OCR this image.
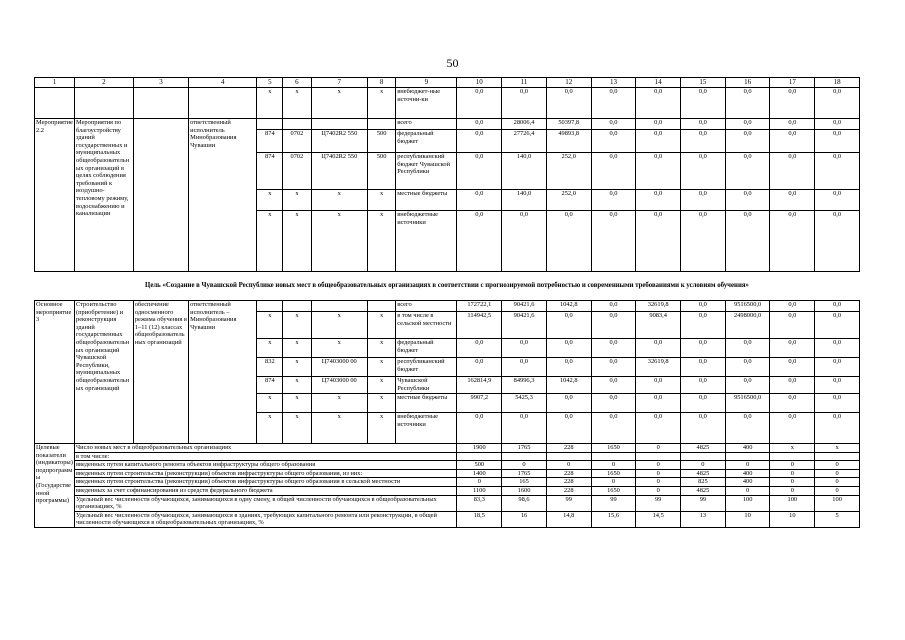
50
1	2	3	4	5	6	7	8	9	10	11	12	13	14	15	16	17	18
				x	x	x	x	внебюджет-ные источни-ки	0,0	0,0	0,0	0,0	0,0	0,0	0,0	0,0	0,0
Мероприятие 2.2	Мероприятия по благоустройству зданий государственных и муниципальных общеобразовательных организаций в целях соблюдения требований к воздушно-тепловому режиму, водоснабжению и канализации		ответственный исполнитель Минобразования Чувашии					всего	0,0	28006,4	50397,8	0,0	0,0	0,0	0,0	0,0	0,0
				874	0702	Ц7402R2 550	500	федеральный бюджет	0,0	27726,4	49893,8	0,0	0,0	0,0	0,0	0,0	0,0
				874	0702	Ц7402R2 550	500	республиканский бюджет Чувашской Республики	0,0	140,0	252,0	0,0	0,0	0,0	0,0	0,0	0,0
				x	x	x	x	местные бюджеты	0,0	140,0	252,0	0,0	0,0	0,0	0,0	0,0	0,0
				x	x	x	x	внебюджетные источники	0,0	0,0	0,0	0,0	0,0	0,0	0,0	0,0	0,0
Цель «Создание в Чувашской Республике новых мест в общеобразовательных организациях в соответствии с прогнозируемой потребностью и современными требованиями к условиям обучения»																	
Основное мероприятие 3	Строительство (приобретение) и реконструкция зданий государственных общеобразовательных организаций Чувашской Республики, муниципальных общеобразовательных организаций	обеспечение односменного режима обучения в 1–11 (12) классах общеобразовательных организаций	ответственный исполнитель – Минобразования Чувашии					всего	172722,1	90421,6	1042,8	0,0	32619,8	0,0	9516500,0	0,0	0,0
				x	x	x	x	в том числе в сельской местности	114942,5	90421,6	0,0	0,0	9083,4	0,0	2498000,0	0,0	0,0
				x	x	x	x	федеральный бюджет	0,0	0,0	0,0	0,0	0,0	0,0	0,0	0,0	0,0
				832	x	Ц7403000 00	x	республиканский бюджет	0,0	0,0	0,0	0,0	32619,8	0,0	0,0	0,0	0,0
				874	x	Ц7403000 00	x	Чувашской Республики	162814,9	84996,3	1042,8	0,0	0,0	0,0	0,0	0,0	0,0
				x	x	x	x	местные бюджеты	9907,2	5425,3	0,0	0,0	0,0	0,0	9516500,0	0,0	0,0
				x	x	x	x	внебюджетные источники	0,0	0,0	0,0	0,0	0,0	0,0	0,0	0,0	0,0
Целевые показатели (индикаторы) подпрограммы (Государственной программы)	Число новых мест в общеобразовательных организациях								1900	1765	228	1650	0	4825	400	x	x
	в том числе:																
	введенных путем капитального ремонта объектов инфраструктуры общего образования								500	0	0	0	0	0	0	0	0
	введенных путем строительства (реконструкции) объектов инфраструктуры общего образования, из них:								1400	1765	228	1650	0	4825	400	0	0
	введенных путем строительства (реконструкции) объектов инфраструктуры общего образования в сельской местности								0	165	228	0	0	825	400	0	0
	введенных за счет софинансирования из средств федерального бюджета								1100	1600	228	1650	0	4825	0	0	0
	Удельный вес численности обучающихся, занимающихся в одну смену, в общей численности обучающихся в общеобразовательных организациях, %								83,3	98,6	99	99	99	99	100	100	100
	Удельный вес численности обучающихся, занимающихся в зданиях, требующих капитального ремонта или реконструкции, в общей численности обучающихся в общеобразовательных организациях, %								18,5	16	14,8	15,6	14,5	13	10	10	5
